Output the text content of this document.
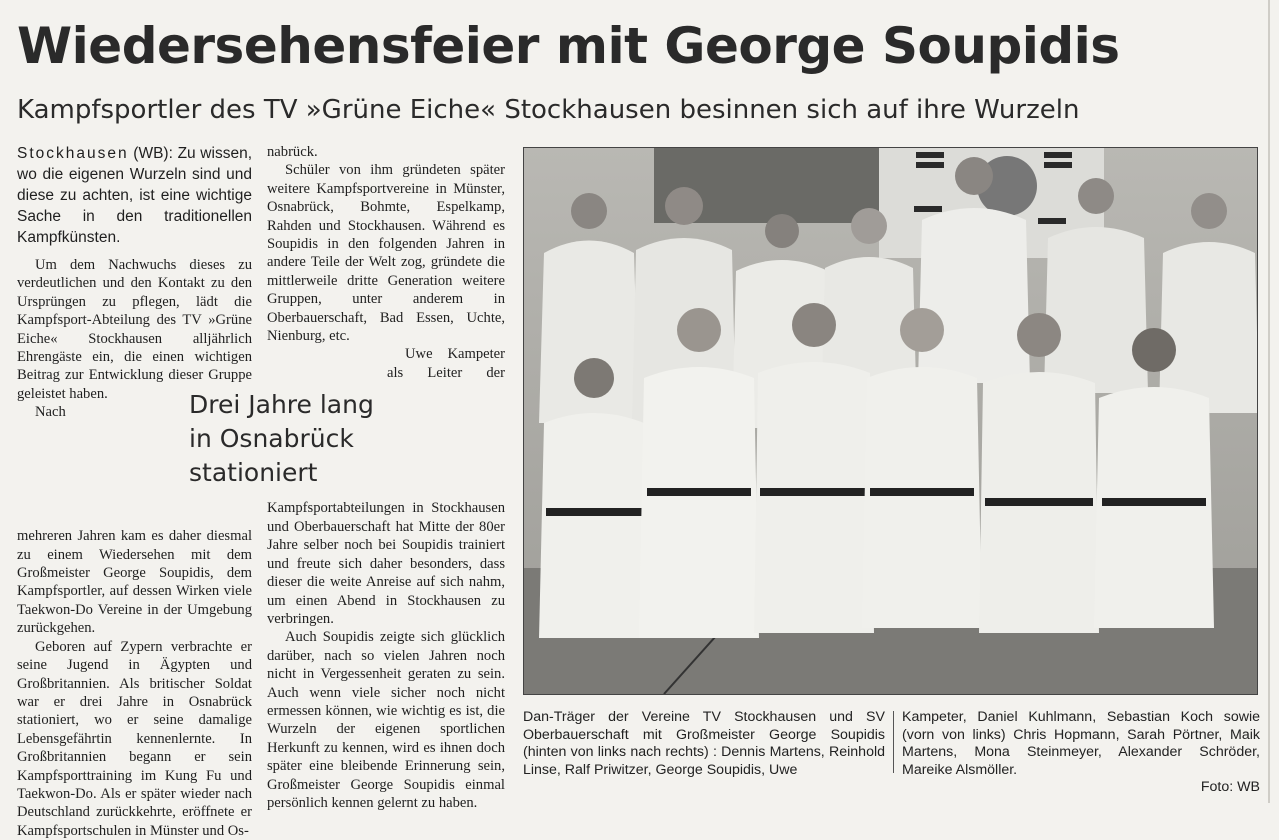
Wiedersehensfeier mit George Soupidis
Kampfsportler des TV »Grüne Eiche« Stockhausen besinnen sich auf ihre Wurzeln

Stockhausen (WB): Zu wissen, wo die eigenen Wurzeln sind und diese zu achten, ist eine wichtige Sache in den traditionellen Kampfkünsten.

Um dem Nachwuchs dieses zu verdeutlichen und den Kontakt zu den Ursprüngen zu pflegen, lädt die Kampfsport-Abteilung des TV »Grüne Eiche« Stockhausen alljährlich Ehrengäste ein, die einen wichtigen Beitrag zur Entwicklung dieser Gruppe geleistet haben.

Nach mehreren Jahren kam es daher diesmal zu einem Wiedersehen mit dem Großmeister George Soupidis, dem Kampfsportler, auf dessen Wirken viele Taekwon-Do Vereine in der Umgebung zurückgehen.

Geboren auf Zypern verbrachte er seine Jugend in Ägypten und Großbritannien. Als britischer Soldat war er drei Jahre in Osnabrück stationiert, wo er seine damalige Lebensgefährtin kennenlernte. In Großbritannien begann er sein Kampfsporttraining im Kung Fu und Taekwon-Do. Als er später wieder nach Deutschland zurückkehrte, eröffnete er Kampfsportschulen in Münster und Os-

nabrück.

Schüler von ihm gründeten später weitere Kampfsportvereine in Münster, Osnabrück, Bohmte, Espelkamp, Rahden und Stockhausen. Während es Soupidis in den folgenden Jahren in andere Teile der Welt zog, gründete die mittlerweile dritte Generation weitere Gruppen, unter anderem in Oberbauerschaft, Bad Essen, Uchte, Nienburg, etc.

Uwe Kampeter als Leiter der Kampfsportabteilungen in Stockhausen und Oberbauerschaft hat Mitte der 80er Jahre selber noch bei Soupidis trainiert und freute sich daher besonders, dass dieser die weite Anreise auf sich nahm, um einen Abend in Stockhausen zu verbringen.

Auch Soupidis zeigte sich glücklich darüber, nach so vielen Jahren noch nicht in Vergessenheit geraten zu sein. Auch wenn viele sicher noch nicht ermessen können, wie wichtig es ist, die Wurzeln der eigenen sportlichen Herkunft zu kennen, wird es ihnen doch später eine bleibende Erinnerung sein, Großmeister George Soupidis einmal persönlich kennen gelernt zu haben.

Drei Jahre lang in Osnabrück stationiert
Dan-Träger der Vereine TV Stockhausen und SV Oberbauerschaft mit Großmeister George Soupidis (hinten von links nach rechts) : Dennis Martens, Reinhold Linse, Ralf Priwitzer, George Soupidis, Uwe
Kampeter, Daniel Kuhlmann, Sebastian Koch sowie (vorn von links) Chris Hopmann, Sarah Pörtner, Maik Martens, Mona Steinmeyer, Alexander Schröder, Mareike Alsmöller.
Foto: WB
